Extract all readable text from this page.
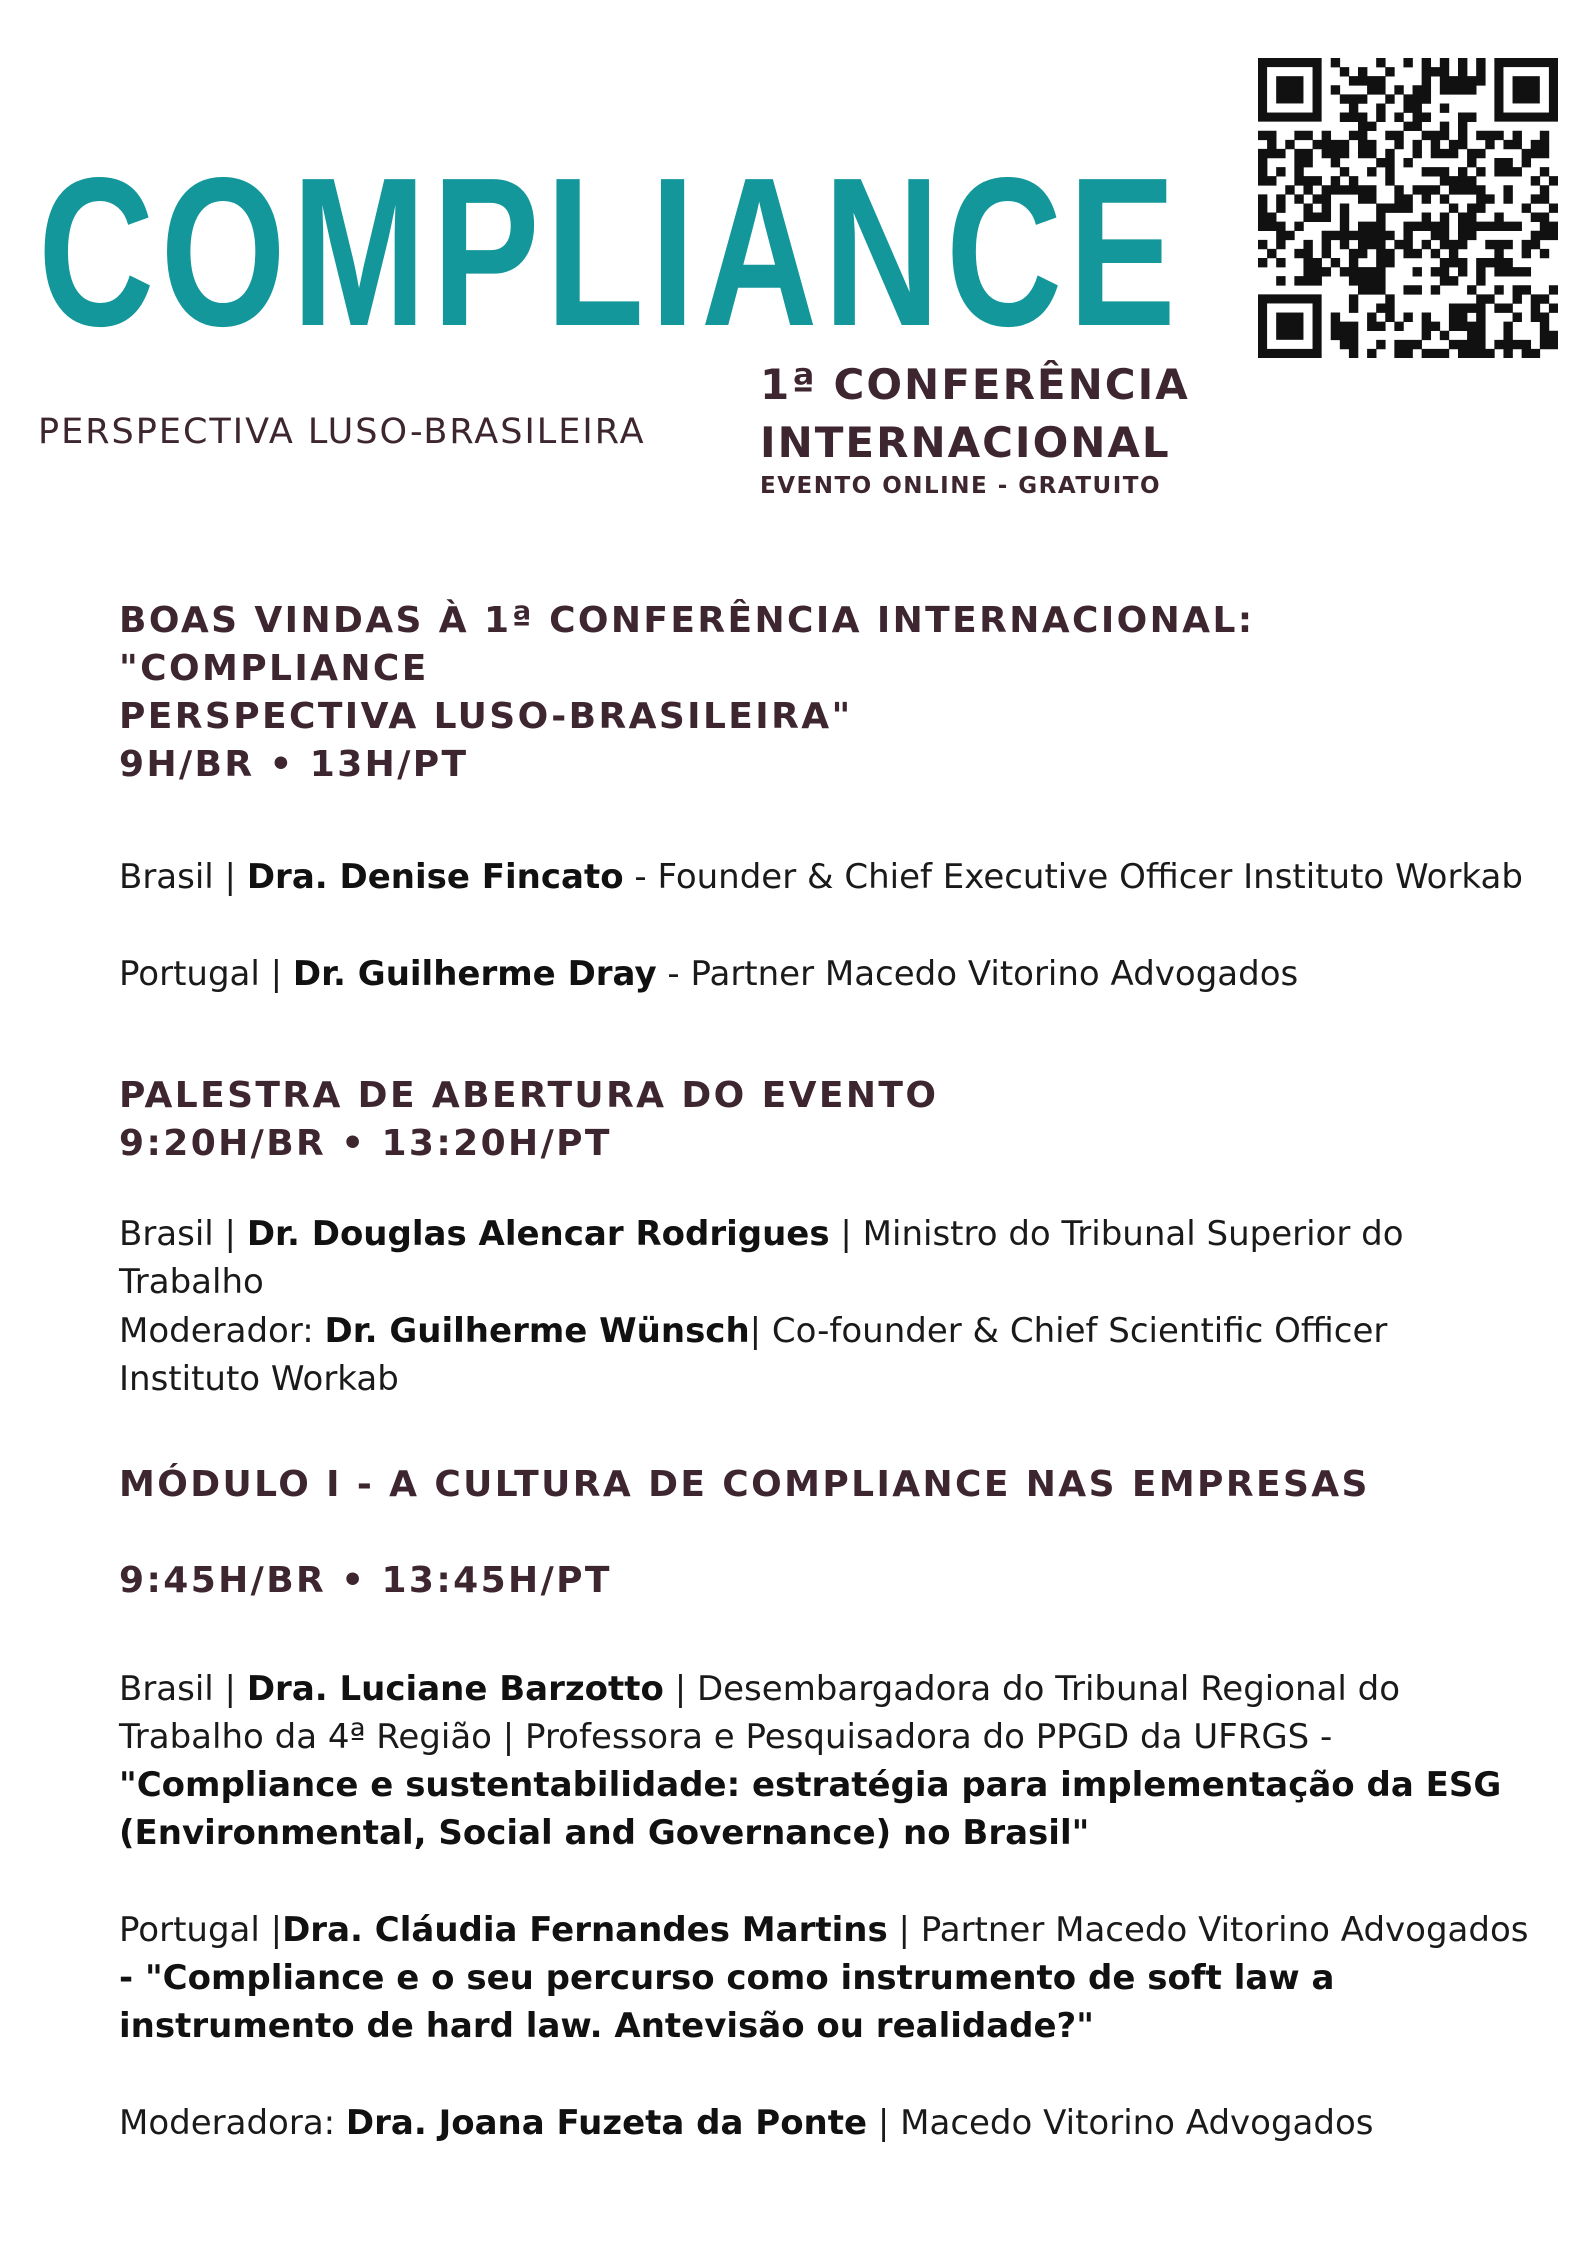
COMPLIANCE
PERSPECTIVA LUSO-BRASILEIRA
1ª CONFERÊNCIA
INTERNACIONAL
EVENTO ONLINE - GRATUITO
BOAS VINDAS À 1ª CONFERÊNCIA INTERNACIONAL: "COMPLIANCE
PERSPECTIVA LUSO-BRASILEIRA"
9H/BR • 13H/PT

Brasil | Dra. Denise Fincato - Founder & Chief Executive Officer Instituto Workab

Portugal | Dr. Guilherme Dray - Partner Macedo Vitorino Advogados

PALESTRA DE ABERTURA DO EVENTO
9:20H/BR • 13:20H/PT

Brasil | Dr. Douglas Alencar Rodrigues | Ministro do Tribunal Superior do Trabalho

Moderador: Dr. Guilherme Wünsch| Co-founder & Chief Scientific Officer Instituto Workab

MÓDULO I - A CULTURA DE COMPLIANCE NAS EMPRESAS
9:45H/BR • 13:45H/PT

Brasil | Dra. Luciane Barzotto | Desembargadora do Tribunal Regional do Trabalho da 4ª Região | Professora e Pesquisadora do PPGD da UFRGS - "Compliance e sustentabilidade: estratégia para implementação da ESG (Environmental, Social and Governance) no Brasil"

Portugal |Dra. Cláudia Fernandes Martins | Partner Macedo Vitorino Advogados - "Compliance e o seu percurso como instrumento de soft law a instrumento de hard law. Antevisão ou realidade?"

Moderadora: Dra. Joana Fuzeta da Ponte | Macedo Vitorino Advogados
